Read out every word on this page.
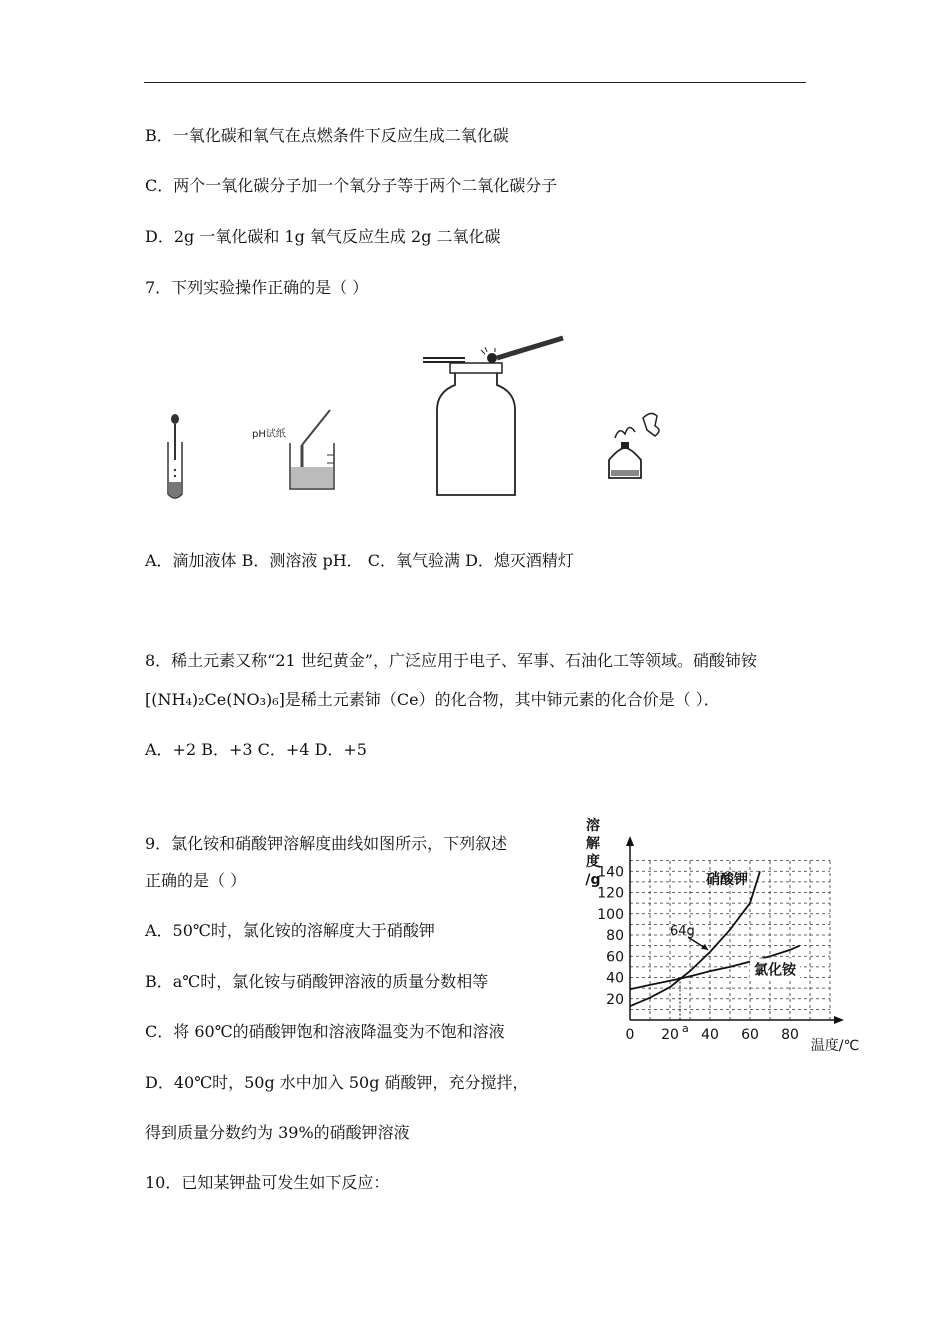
B．一氧化碳和氧气在点燃条件下反应生成二氧化碳
C．两个一氧化碳分子加一个氧分子等于两个二氧化碳分子
D．2g 一氧化碳和 1g 氧气反应生成 2g 二氧化碳
7．下列实验操作正确的是（ ）
pH试纸
A．滴加液体 B．测溶液 pH． C．氧气验满 D．熄灭酒精灯
8．稀土元素又称“21 世纪黄金”，广泛应用于电子、军事、石油化工等领域。硝酸铈铵
[(NH₄)₂Ce(NO₃)₆]是稀土元素铈（Ce）的化合物，其中铈元素的化合价是（ ）．
A．+2 B．+3 C．+4 D．+5
9．氯化铵和硝酸钾溶解度曲线如图所示，下列叙述
正确的是（ ）
A．50℃时，氯化铵的溶解度大于硝酸钾
B．a℃时，氯化铵与硝酸钾溶液的质量分数相等
C．将 60℃的硝酸钾饱和溶液降温变为不饱和溶液
D．40℃时，50g 水中加入 50g 硝酸钾，充分搅拌，
得到质量分数约为 39%的硝酸钾溶液
10．已知某钾盐可发生如下反应：
20
40
60
80
100
120
140
0 20 40 60 80
溶
解
度
/g
温度/℃
硝酸钾
氯化铵
64g
a
